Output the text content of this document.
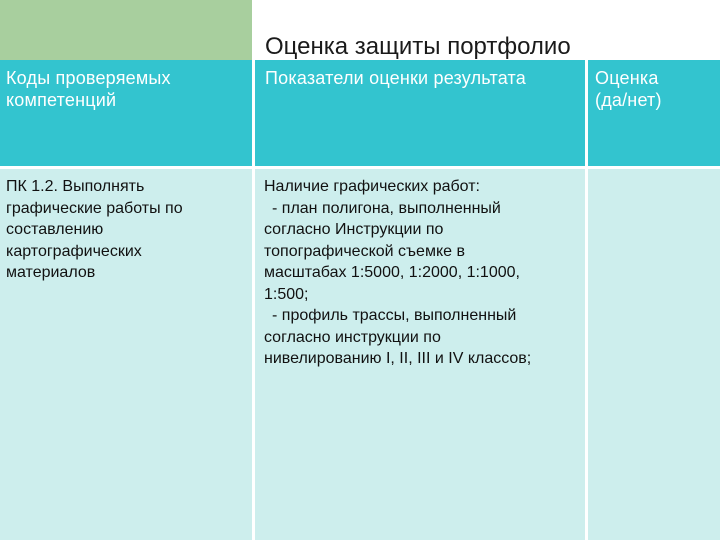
Оценка защиты портфолио
Коды проверяемых
компетенций
Показатели оценки результата	Оценка
(да/нет)
ПК 1.2. Выполнять
графические работы по
составлению
картографических
материалов
Наличие графических работ:
- план полигона, выполненный
согласно Инструкции по
топографической съемке в
масштабах 1:5000, 1:2000, 1:1000,
1:500;
- профиль трассы, выполненный
согласно инструкции по
нивелированию I, II, III и IV классов;
